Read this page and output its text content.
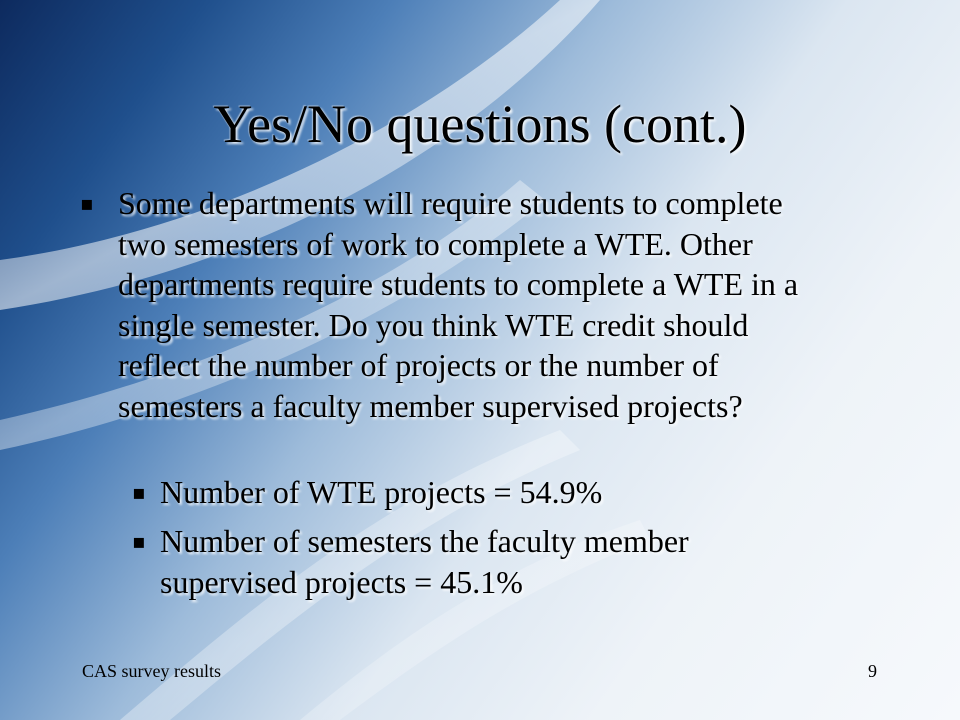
Yes/No questions (cont.)
▪ Some departments will require students to complete two semesters of work to complete a WTE. Other departments require students to complete a WTE in a single semester. Do you think WTE credit should reflect the number of projects or the number of semesters a faculty member supervised projects?
▪ Number of WTE projects = 54.9%
▪ Number of semesters the faculty member supervised projects = 45.1%
CAS survey results	9
